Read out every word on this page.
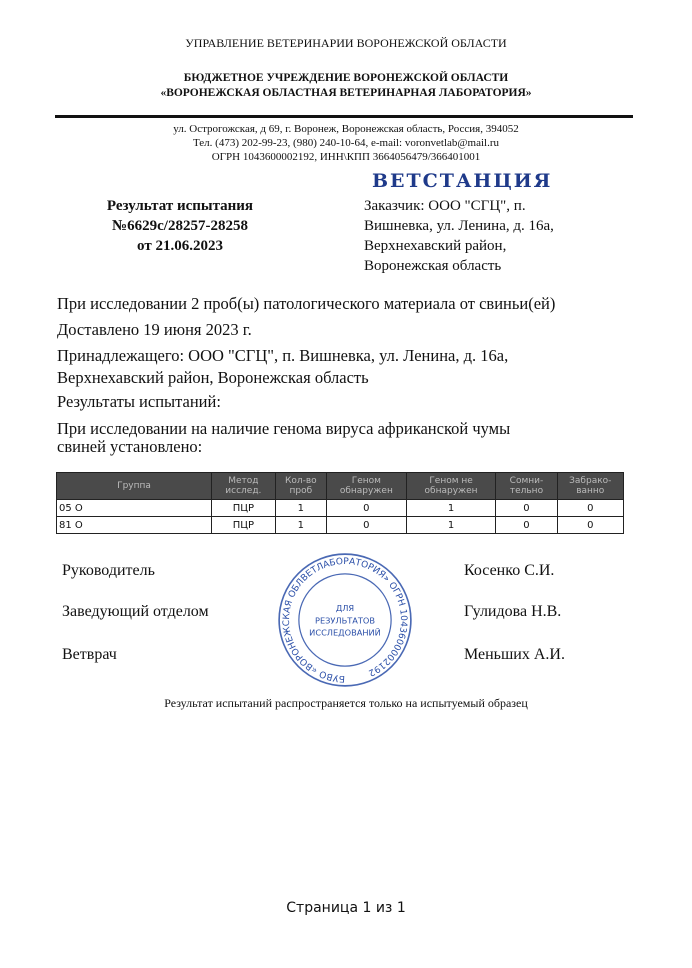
УПРАВЛЕНИЕ ВЕТЕРИНАРИИ ВОРОНЕЖСКОЙ ОБЛАСТИ
БЮДЖЕТНОЕ УЧРЕЖДЕНИЕ ВОРОНЕЖСКОЙ ОБЛАСТИ
«ВОРОНЕЖСКАЯ ОБЛАСТНАЯ ВЕТЕРИНАРНАЯ ЛАБОРАТОРИЯ»
ул. Острогожская, д 69, г. Воронеж, Воронежская область, Россия, 394052
Тел. (473) 202-99-23, (980) 240-10-64, e-mail: voronvetlab@mail.ru
ОГРН 1043600002192, ИНН\КПП 3664056479/366401001
Результат испытания
№6629с/28257-28258
от 21.06.2023
ВЕТСТАНЦИЯ
Заказчик: ООО "СГЦ", п.
Вишневка, ул. Ленина, д. 16а,
Верхнехавский район,
Воронежская область
При исследовании 2 проб(ы) патологического материала от свиньи(ей)
Доставлено 19 июня 2023 г.
Принадлежащего: ООО "СГЦ", п. Вишневка, ул. Ленина, д. 16а,
Верхнехавский район, Воронежская область
Результаты испытаний:
При исследовании на наличие генома вируса африканской чумы
свиней установлено:
Группа	Метод исслед.	Кол-во проб	Геном обнаружен	Геном не обнаружен	Сомни-тельно	Забрако-ванно
05 О	ПЦР	1	0	1	0	0
81 О	ПЦР	1	0	1	0	0
Руководитель	Косенко С.И.
Заведующий отделом	Гулидова Н.В.
Ветврач	Меньших А.И.
БУВО «ВОРОНЕЖСКАЯ ОБЛВЕТЛАБОРАТОРИЯ» ОГРН 1043600002192
ДЛЯ
РЕЗУЛЬТАТОВ
ИССЛЕДОВАНИЙ
Результат испытаний распространяется только на испытуемый образец
Страница 1 из 1
